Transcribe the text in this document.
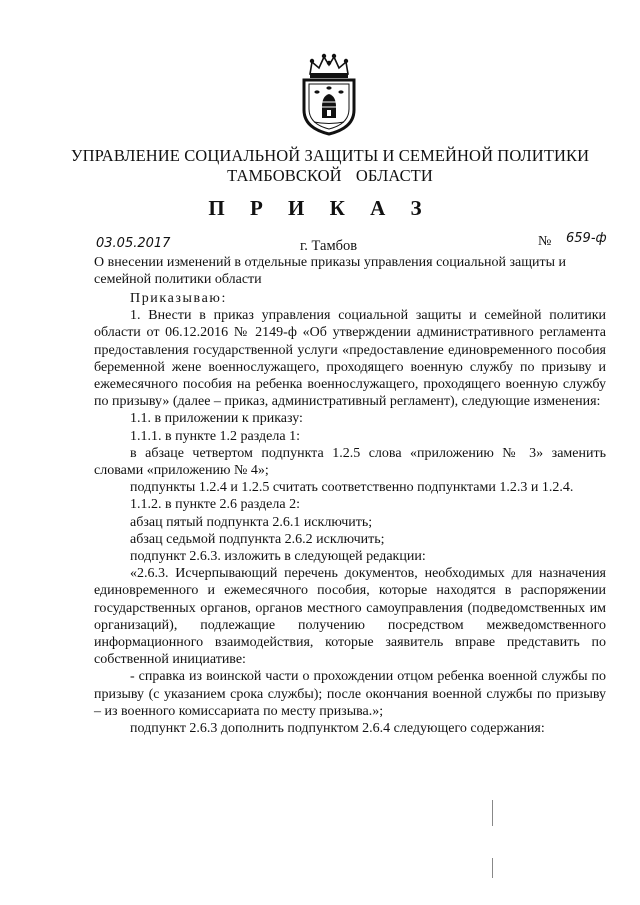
УПРАВЛЕНИЕ СОЦИАЛЬНОЙ ЗАЩИТЫ И СЕМЕЙНОЙ ПОЛИТИКИ
ТАМБОВСКОЙ ОБЛАСТИ
П Р И К А З
03.05.2017	г. Тамбов	№ 659-ф
О внесении изменений в отдельные приказы управления социальной защиты и семейной политики области

Приказываю:

1. Внести в приказ управления социальной защиты и семейной политики области от 06.12.2016 № 2149-ф «Об утверждении административного регламента предоставления государственной услуги «предоставление единовременного пособия беременной жене военнослужащего, проходящего военную службу по призыву и ежемесячного пособия на ребенка военнослужащего, проходящего военную службу по призыву» (далее – приказ, административный регламент), следующие изменения:

1.1. в приложении к приказу:

1.1.1. в пункте 1.2 раздела 1:

в абзаце четвертом подпункта 1.2.5 слова «приложению № 3» заменить словами «приложению № 4»;

подпункты 1.2.4 и 1.2.5 считать соответственно подпунктами 1.2.3 и 1.2.4.

1.1.2. в пункте 2.6 раздела 2:

абзац пятый подпункта 2.6.1 исключить;

абзац седьмой подпункта 2.6.2 исключить;

подпункт 2.6.3. изложить в следующей редакции:

«2.6.3. Исчерпывающий перечень документов, необходимых для назначения единовременного и ежемесячного пособия, которые находятся в распоряжении государственных органов, органов местного самоуправления (подведомственных им организаций), подлежащие получению посредством межведомственного информационного взаимодействия, которые заявитель вправе представить по собственной инициативе:

- справка из воинской части о прохождении отцом ребенка военной службы по призыву (с указанием срока службы); после окончания военной службы по призыву – из военного комиссариата по месту призыва.»;

подпункт 2.6.3 дополнить подпунктом 2.6.4 следующего содержания:
